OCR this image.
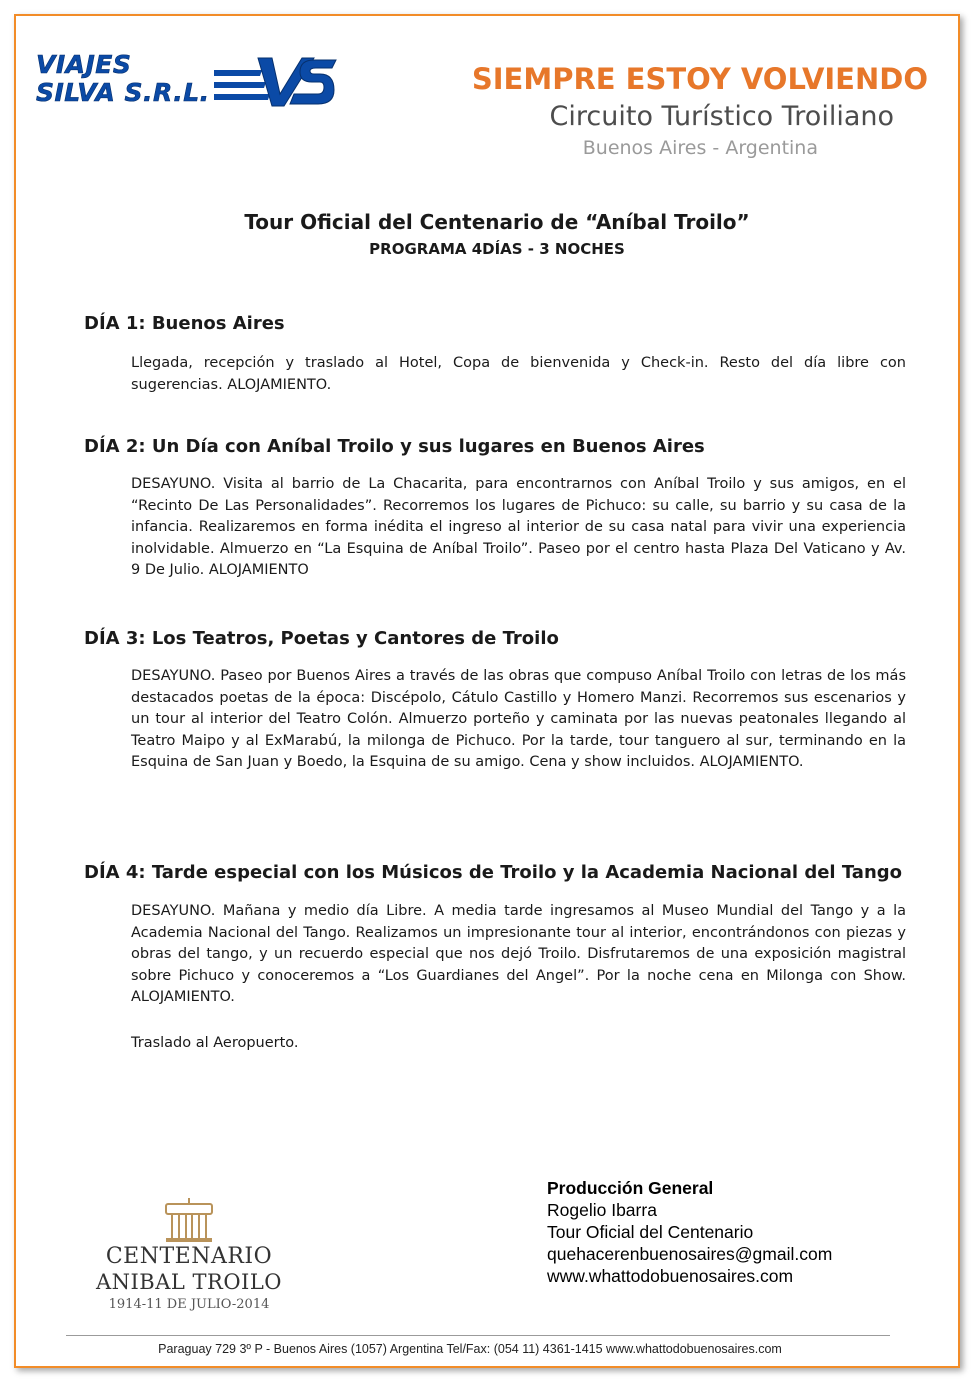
VIAJES
SILVA S.R.L.	SIEMPRE ESTOY VOLVIENDO
Circuito Turístico Troiliano
Buenos Aires - Argentina
Tour Oficial del Centenario de “Aníbal Troilo”
PROGRAMA 4DÍAS - 3 NOCHES
DÍA 1: Buenos Aires

Llegada, recepción y traslado al Hotel, Copa de bienvenida y Check-in. Resto del día libre con sugerencias. ALOJAMIENTO.

DÍA 2: Un Día con Aníbal Troilo y sus lugares en Buenos Aires

DESAYUNO. Visita al barrio de La Chacarita, para encontrarnos con Aníbal Troilo y sus amigos, en el “Recinto De Las Personalidades”. Recorremos los lugares de Pichuco: su calle, su barrio y su casa de la infancia. Realizaremos en forma inédita el ingreso al interior de su casa natal para vivir una experiencia inolvidable. Almuerzo en “La Esquina de Aníbal Troilo”. Paseo por el centro hasta Plaza Del Vaticano y Av. 9 De Julio. ALOJAMIENTO

DÍA 3: Los Teatros, Poetas y Cantores de Troilo

DESAYUNO. Paseo por Buenos Aires a través de las obras que compuso Aníbal Troilo con letras de los más destacados poetas de la época: Discépolo, Cátulo Castillo y Homero Manzi. Recorremos sus escenarios y un tour al interior del Teatro Colón. Almuerzo porteño y caminata por las nuevas peatonales llegando al Teatro Maipo y al ExMarabú, la milonga de Pichuco. Por la tarde, tour tanguero al sur, terminando en la Esquina de San Juan y Boedo, la Esquina de su amigo. Cena y show incluidos. ALOJAMIENTO.

DÍA 4: Tarde especial con los Músicos de Troilo y la Academia Nacional del Tango

DESAYUNO. Mañana y medio día Libre. A media tarde ingresamos al Museo Mundial del Tango y a la Academia Nacional del Tango. Realizamos un impresionante tour al interior, encontrándonos con piezas y obras del tango, y un recuerdo especial que nos dejó Troilo. Disfrutaremos de una exposición magistral sobre Pichuco y conoceremos a “Los Guardianes del Angel”. Por la noche cena en Milonga con Show. ALOJAMIENTO.

Traslado al Aeropuerto.

CENTENARIO
ANIBAL TROILO
1914-11 DE JULIO-2014
Producción General
Rogelio Ibarra
Tour Oficial del Centenario
quehacerenbuenosaires@gmail.com
www.whattodobuenosaires.com
Paraguay 729 3º P - Buenos Aires (1057) Argentina Tel/Fax: (054 11) 4361-1415 www.whattodobuenosaires.com
